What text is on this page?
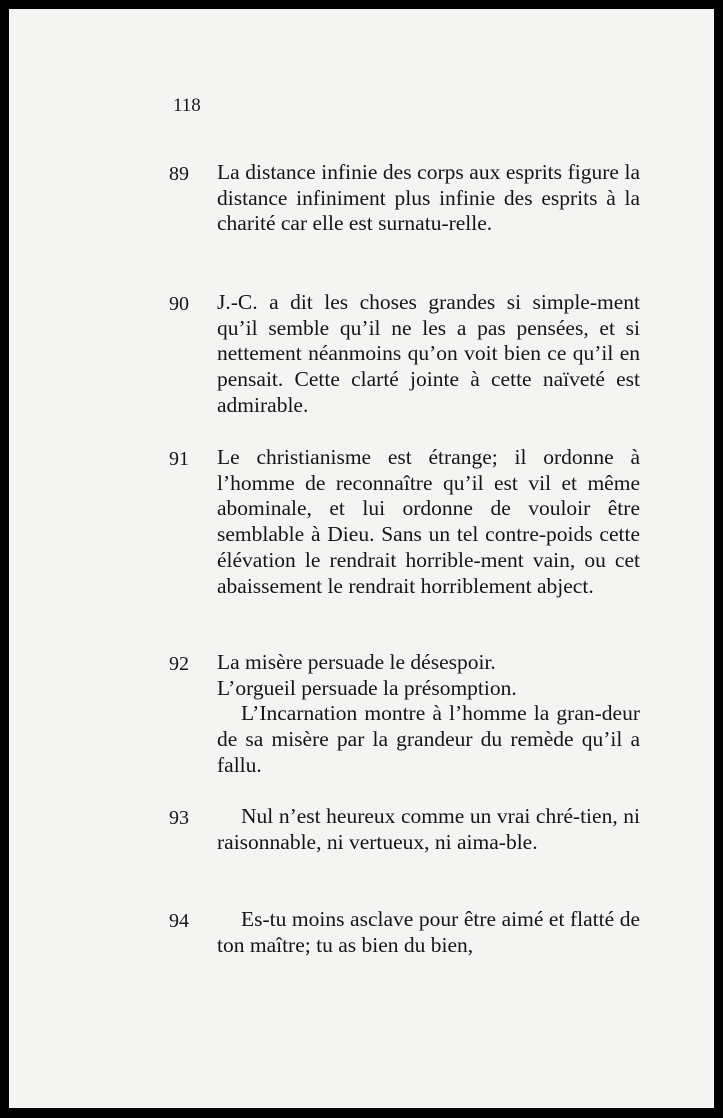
118
89	La distance infinie des corps aux esprits figure la distance infiniment plus infinie des esprits à la charité car elle est surnatu-relle.

90	J.-C. a dit les choses grandes si simple-ment qu’il semble qu’il ne les a pas pensées, et si nettement néanmoins qu’on voit bien ce qu’il en pensait. Cette clarté jointe à cette naïveté est admirable.

91	Le christianisme est étrange; il ordonne à l’homme de reconnaître qu’il est vil et même abominale, et lui ordonne de vouloir être semblable à Dieu. Sans un tel contre-poids cette élévation le rendrait horrible-ment vain, ou cet abaissement le rendrait horriblement abject.

92	La misère persuade le désespoir.

L’orgueil persuade la présomption.

L’Incarnation montre à l’homme la gran-deur de sa misère par la grandeur du remède qu’il a fallu.

93	Nul n’est heureux comme un vrai chré-tien, ni raisonnable, ni vertueux, ni aima-ble.

94	Es-tu moins asclave pour être aimé et flatté de ton maître; tu as bien du bien,
